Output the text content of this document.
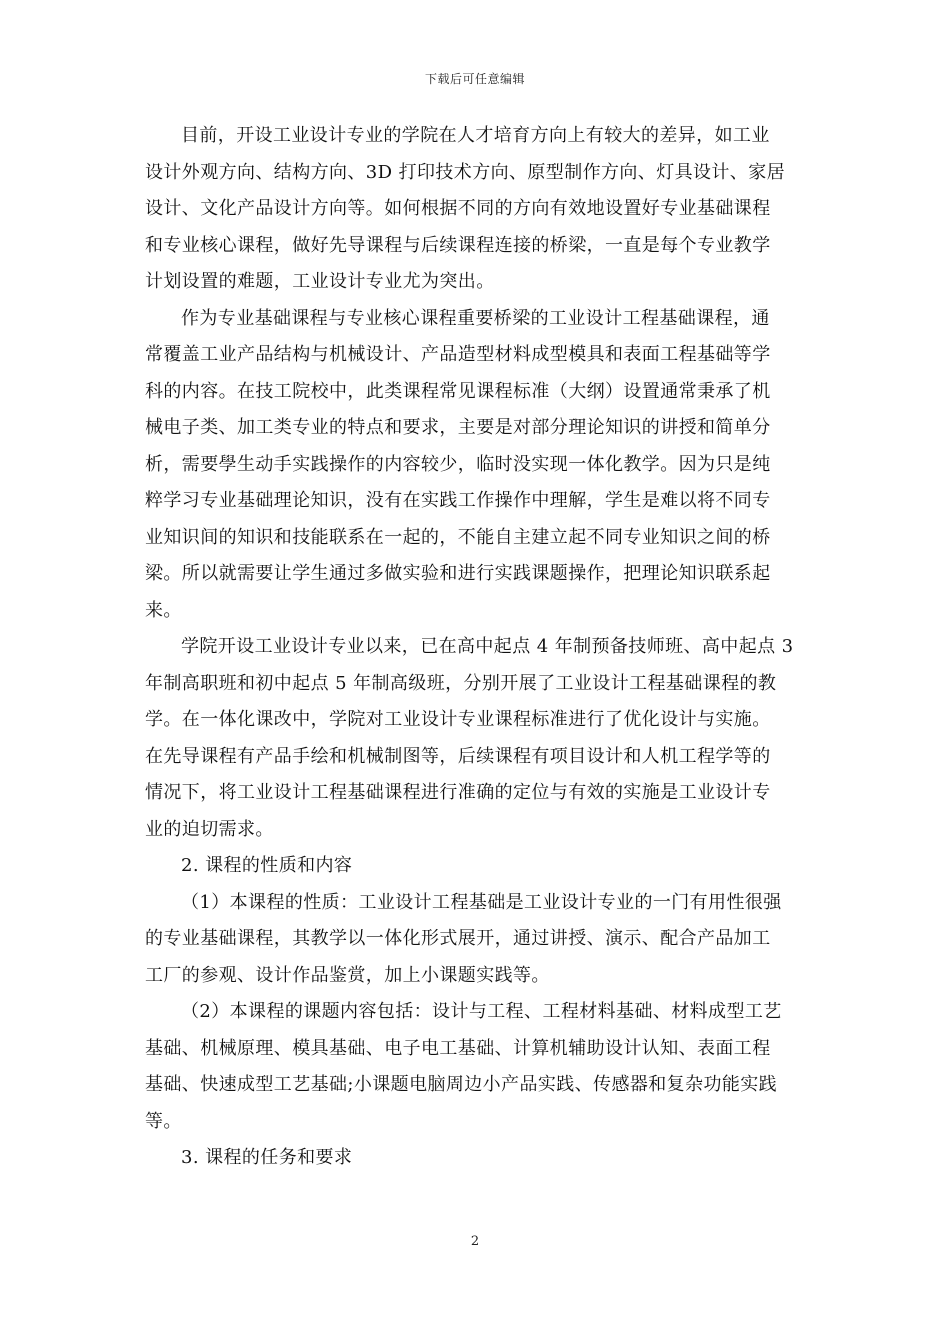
下载后可任意编辑

目前，开设工业设计专业的学院在人才培育方向上有较大的差异，如工业
设计外观方向、结构方向、3D 打印技术方向、原型制作方向、灯具设计、家居
设计、文化产品设计方向等。如何根据不同的方向有效地设置好专业基础课程
和专业核心课程，做好先导课程与后续课程连接的桥梁，一直是每个专业教学
计划设置的难题，工业设计专业尤为突出。

作为专业基础课程与专业核心课程重要桥梁的工业设计工程基础课程，通
常覆盖工业产品结构与机械设计、产品造型材料成型模具和表面工程基础等学
科的内容。在技工院校中，此类课程常见课程标准（大纲）设置通常秉承了机
械电子类、加工类专业的特点和要求，主要是对部分理论知识的讲授和简单分
析，需要學生动手实践操作的内容较少，临时没实现一体化教学。因为只是纯
粹学习专业基础理论知识，没有在实践工作操作中理解，学生是难以将不同专
业知识间的知识和技能联系在一起的，不能自主建立起不同专业知识之间的桥
梁。所以就需要让学生通过多做实验和进行实践课题操作，把理论知识联系起
来。

学院开设工业设计专业以来，已在高中起点 4 年制预备技师班、高中起点 3
年制高职班和初中起点 5 年制高级班，分别开展了工业设计工程基础课程的教
学。在一体化课改中，学院对工业设计专业课程标准进行了优化设计与实施。
在先导课程有产品手绘和机械制图等，后续课程有项目设计和人机工程学等的
情况下，将工业设计工程基础课程进行准确的定位与有效的实施是工业设计专
业的迫切需求。

2. 课程的性质和内容

（1）本课程的性质：工业设计工程基础是工业设计专业的一门有用性很强
的专业基础课程，其教学以一体化形式展开，通过讲授、演示、配合产品加工
工厂的参观、设计作品鉴赏，加上小课题实践等。

（2）本课程的课题内容包括：设计与工程、工程材料基础、材料成型工艺
基础、机械原理、模具基础、电子电工基础、计算机辅助设计认知、表面工程
基础、快速成型工艺基础;小课题电脑周边小产品实践、传感器和复杂功能实践
等。

3. 课程的任务和要求

2
